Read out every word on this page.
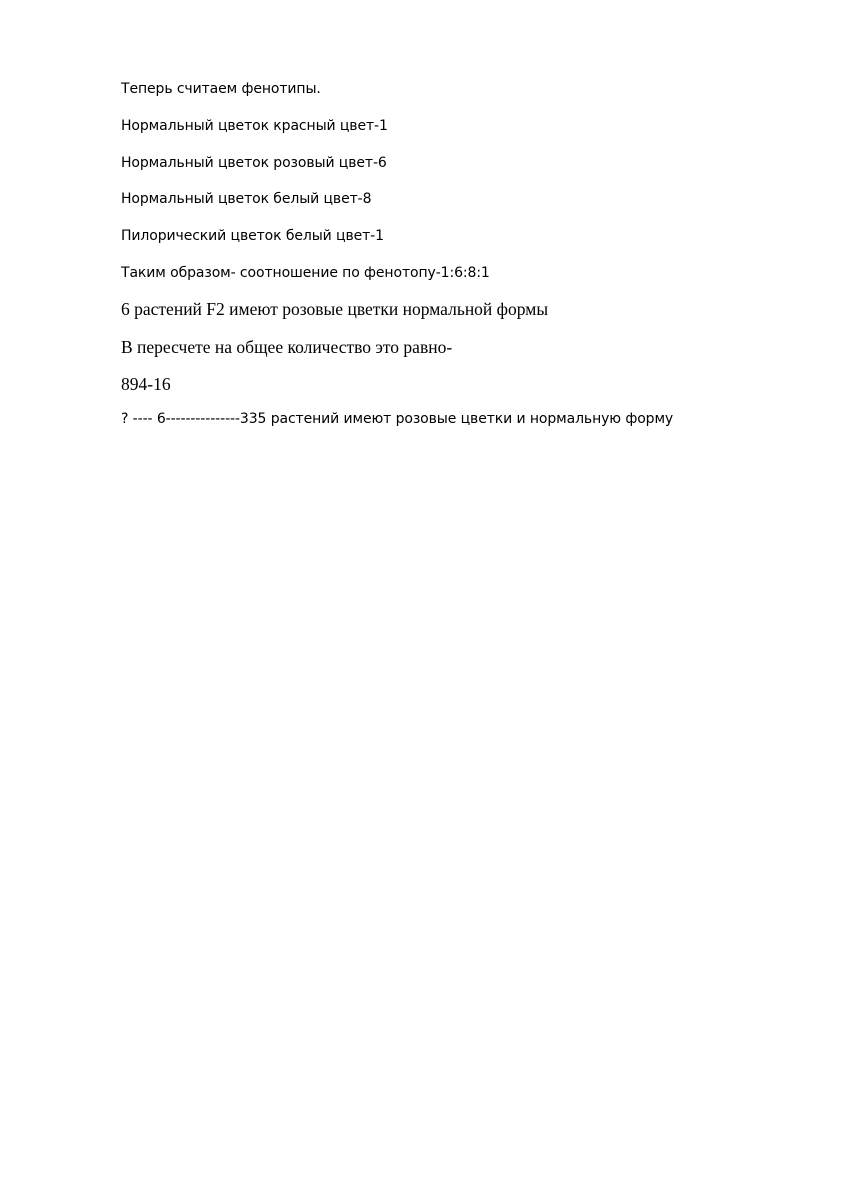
Теперь считаем фенотипы.
Нормальный цветок красный цвет-1
Нормальный цветок розовый цвет-6
Нормальный цветок белый цвет-8
Пилорический цветок белый цвет-1
Таким образом- соотношение по фенотопу-1:6:8:1
6 растений F2 имеют розовые цветки нормальной формы
В пересчете на общее количество это равно-
894-16
? ---- 6---------------335 растений имеют розовые цветки и нормальную форму
